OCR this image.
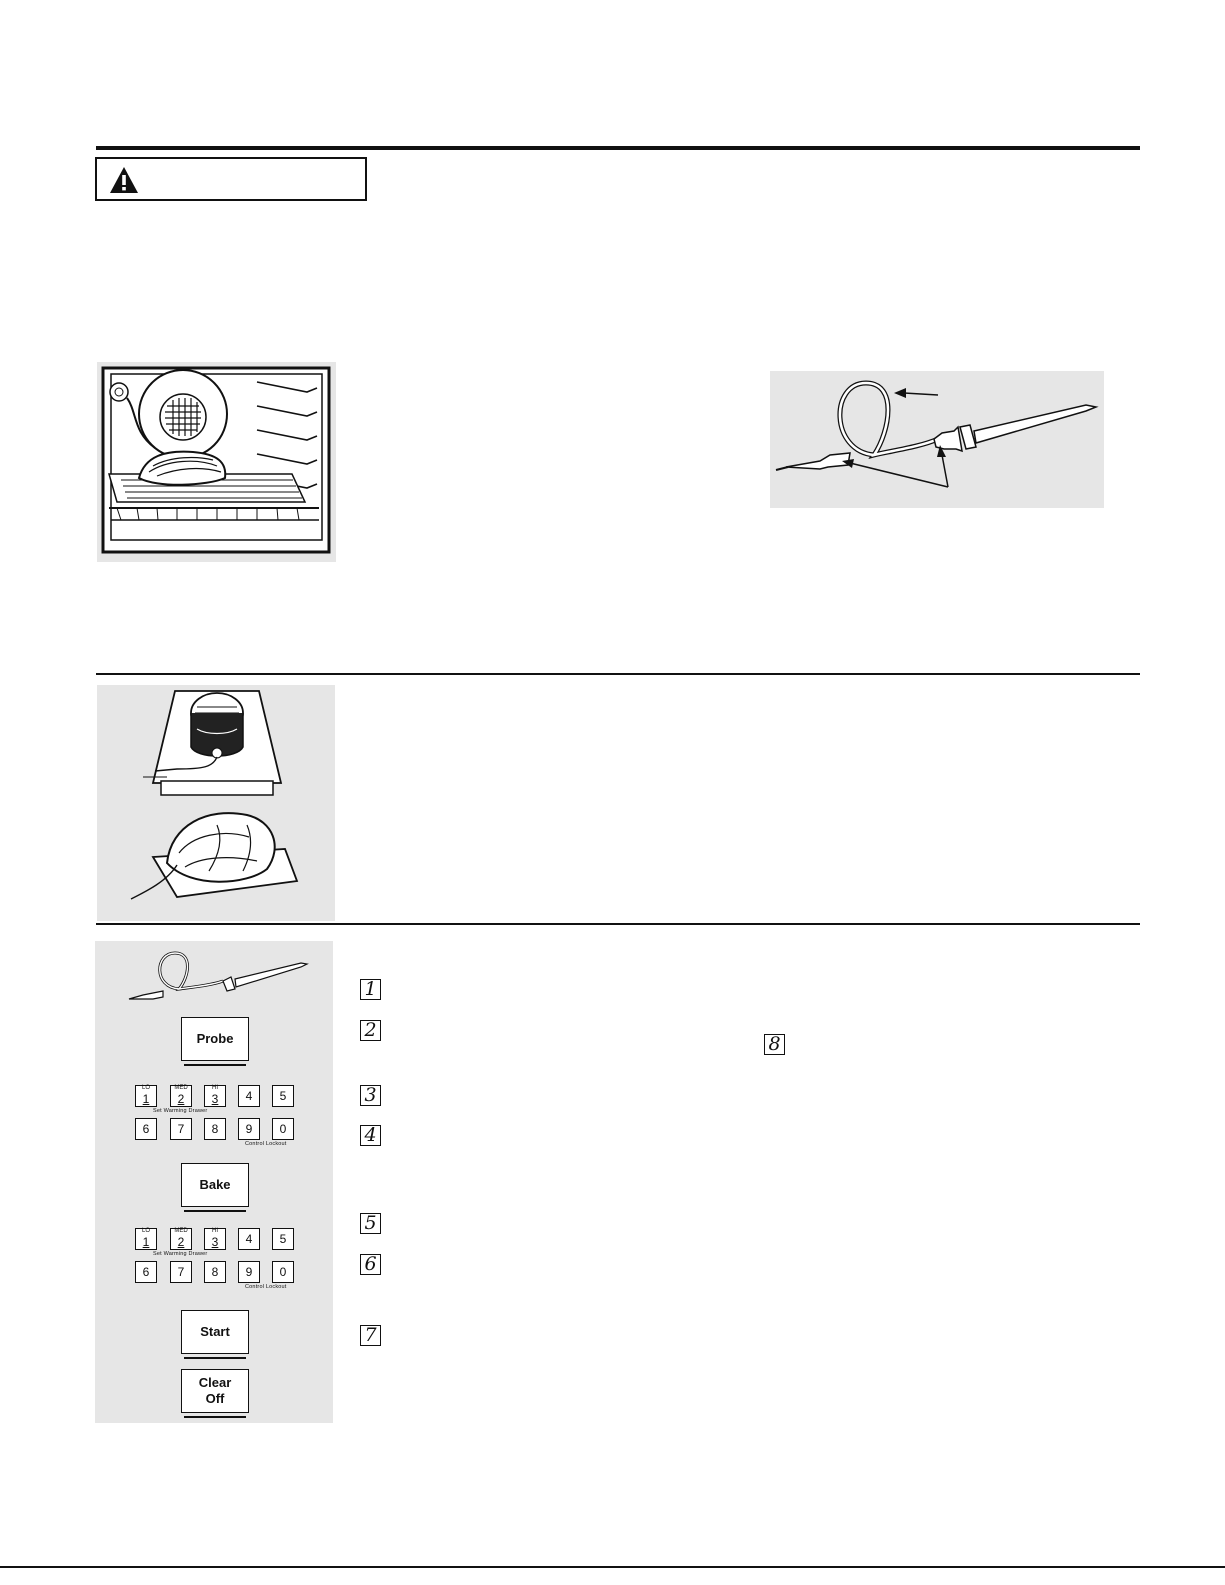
Probe
LO
1
MED
2
HI
3	4	5
Set Warming Drawer
6	7	8	9	0
Control Lockout
Bake
LO
1
MED
2
HI
3	4	5
Set Warming Drawer
6	7	8	9	0
Control Lockout
Start
Clear
Off
1
2
3
4
5
6
7
8
